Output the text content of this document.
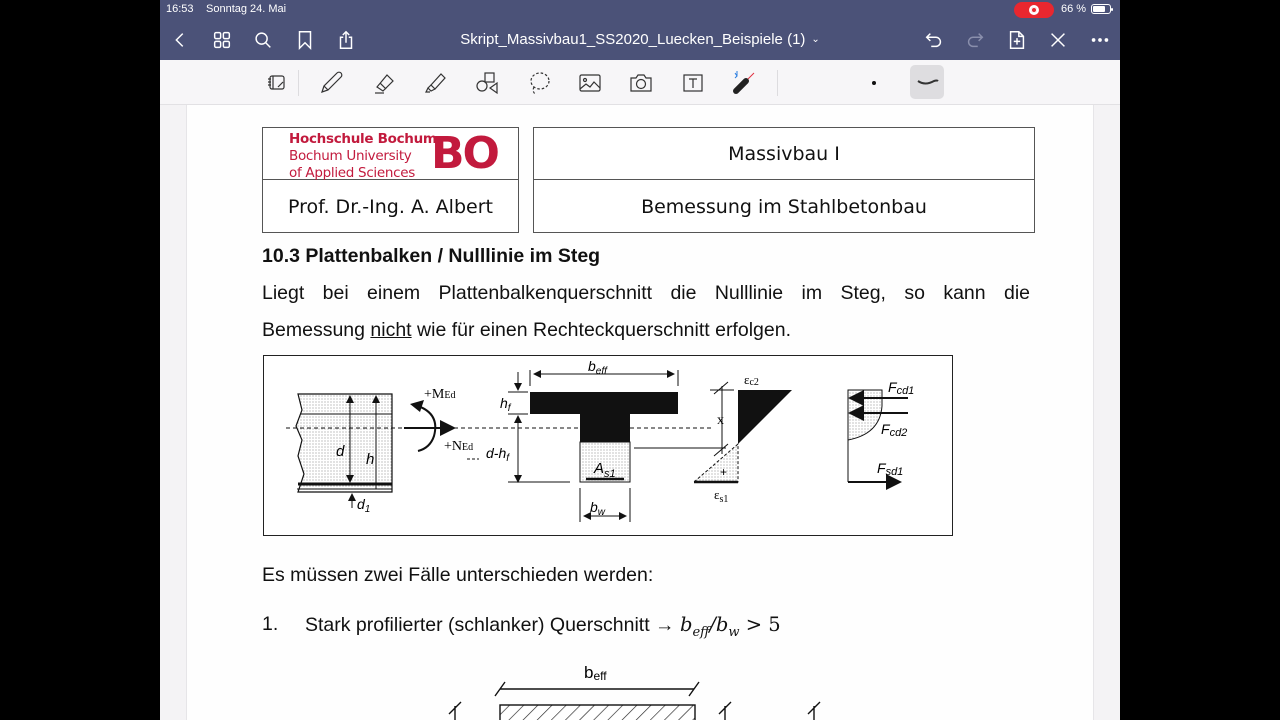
16:53 Sonntag 24. Mai	66 %
Skript_Massivbau1_SS2020_Luecken_Beispiele (1) ⌄
Hochschule Bochum
Bochum University
of Applied Sciences BO
Prof. Dr.-Ing. A. Albert
Massivbau I
Bemessung im Stahlbetonbau
10.3 Plattenbalken / Nulllinie im Steg
Liegt bei einem Plattenbalkenquerschnitt die Nulllinie im Steg, so kann die
Bemessung nicht wie für einen Rechteckquerschnitt erfolgen.
d h
$d_1$
+MEd
+NEd
$A_{s1}$
$b_{eff}$
$h_f$
$d-h_f$
$b_w$
x
+
εc2
$\varepsilon_{s1}$
Fcd1
Fcd2
Fsd1
Es müssen zwei Fälle unterschieden werden:
1. Stark profilierter (schlanker) Querschnitt → $b_{eff}/b_w > 5$
beff
